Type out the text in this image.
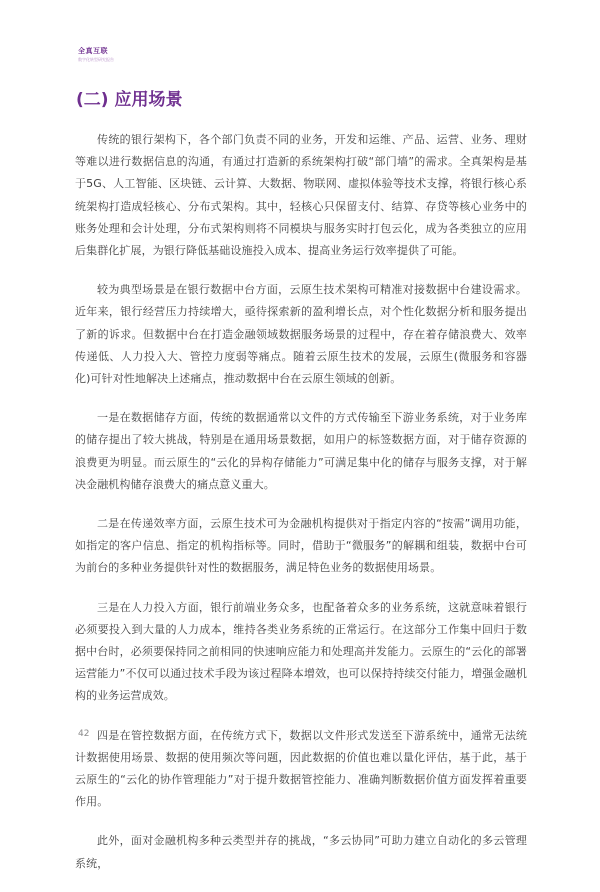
全真互联
数字化转型研究报告
(二) 应用场景

传统的银行架构下，各个部门负责不同的业务，开发和运维、产品、运营、业务、理财等难以进行数据信息的沟通，有通过打造新的系统架构打破“部门墙”的需求。全真架构是基于5G、人工智能、区块链、云计算、大数据、物联网、虚拟体验等技术支撑，将银行核心系统架构打造成轻核心、分布式架构。其中，轻核心只保留支付、结算、存贷等核心业务中的账务处理和会计处理，分布式架构则将不同模块与服务实时打包云化，成为各类独立的应用后集群化扩展，为银行降低基础设施投入成本、提高业务运行效率提供了可能。

较为典型场景是在银行数据中台方面，云原生技术架构可精准对接数据中台建设需求。近年来，银行经营压力持续增大，亟待探索新的盈利增长点，对个性化数据分析和服务提出了新的诉求。但数据中台在打造金融领域数据服务场景的过程中，存在着存储浪费大、效率传递低、人力投入大、管控力度弱等痛点。随着云原生技术的发展，云原生(微服务和容器化)可针对性地解决上述痛点，推动数据中台在云原生领域的创新。

一是在数据储存方面，传统的数据通常以文件的方式传输至下游业务系统，对于业务库的储存提出了较大挑战，特别是在通用场景数据，如用户的标签数据方面，对于储存资源的浪费更为明显。而云原生的“云化的异构存储能力”可满足集中化的储存与服务支撑，对于解决金融机构储存浪费大的痛点意义重大。

二是在传递效率方面，云原生技术可为金融机构提供对于指定内容的“按需”调用功能，如指定的客户信息、指定的机构指标等。同时，借助于“微服务”的解耦和组装，数据中台可为前台的多种业务提供针对性的数据服务，满足特色业务的数据使用场景。

三是在人力投入方面，银行前端业务众多，也配备着众多的业务系统，这就意味着银行必须要投入到大量的人力成本，维持各类业务系统的正常运行。在这部分工作集中回归于数据中台时，必须要保持同之前相同的快速响应能力和处理高并发能力。云原生的“云化的部署运营能力”不仅可以通过技术手段为该过程降本增效，也可以保持持续交付能力，增强金融机构的业务运营成效。

四是在管控数据方面，在传统方式下，数据以文件形式发送至下游系统中，通常无法统计数据使用场景、数据的使用频次等问题，因此数据的价值也难以量化评估，基于此，基于云原生的“云化的协作管理能力”对于提升数据管控能力、准确判断数据价值方面发挥着重要作用。

此外，面对金融机构多种云类型并存的挑战，“多云协同”可助力建立自动化的多云管理系统，

42
